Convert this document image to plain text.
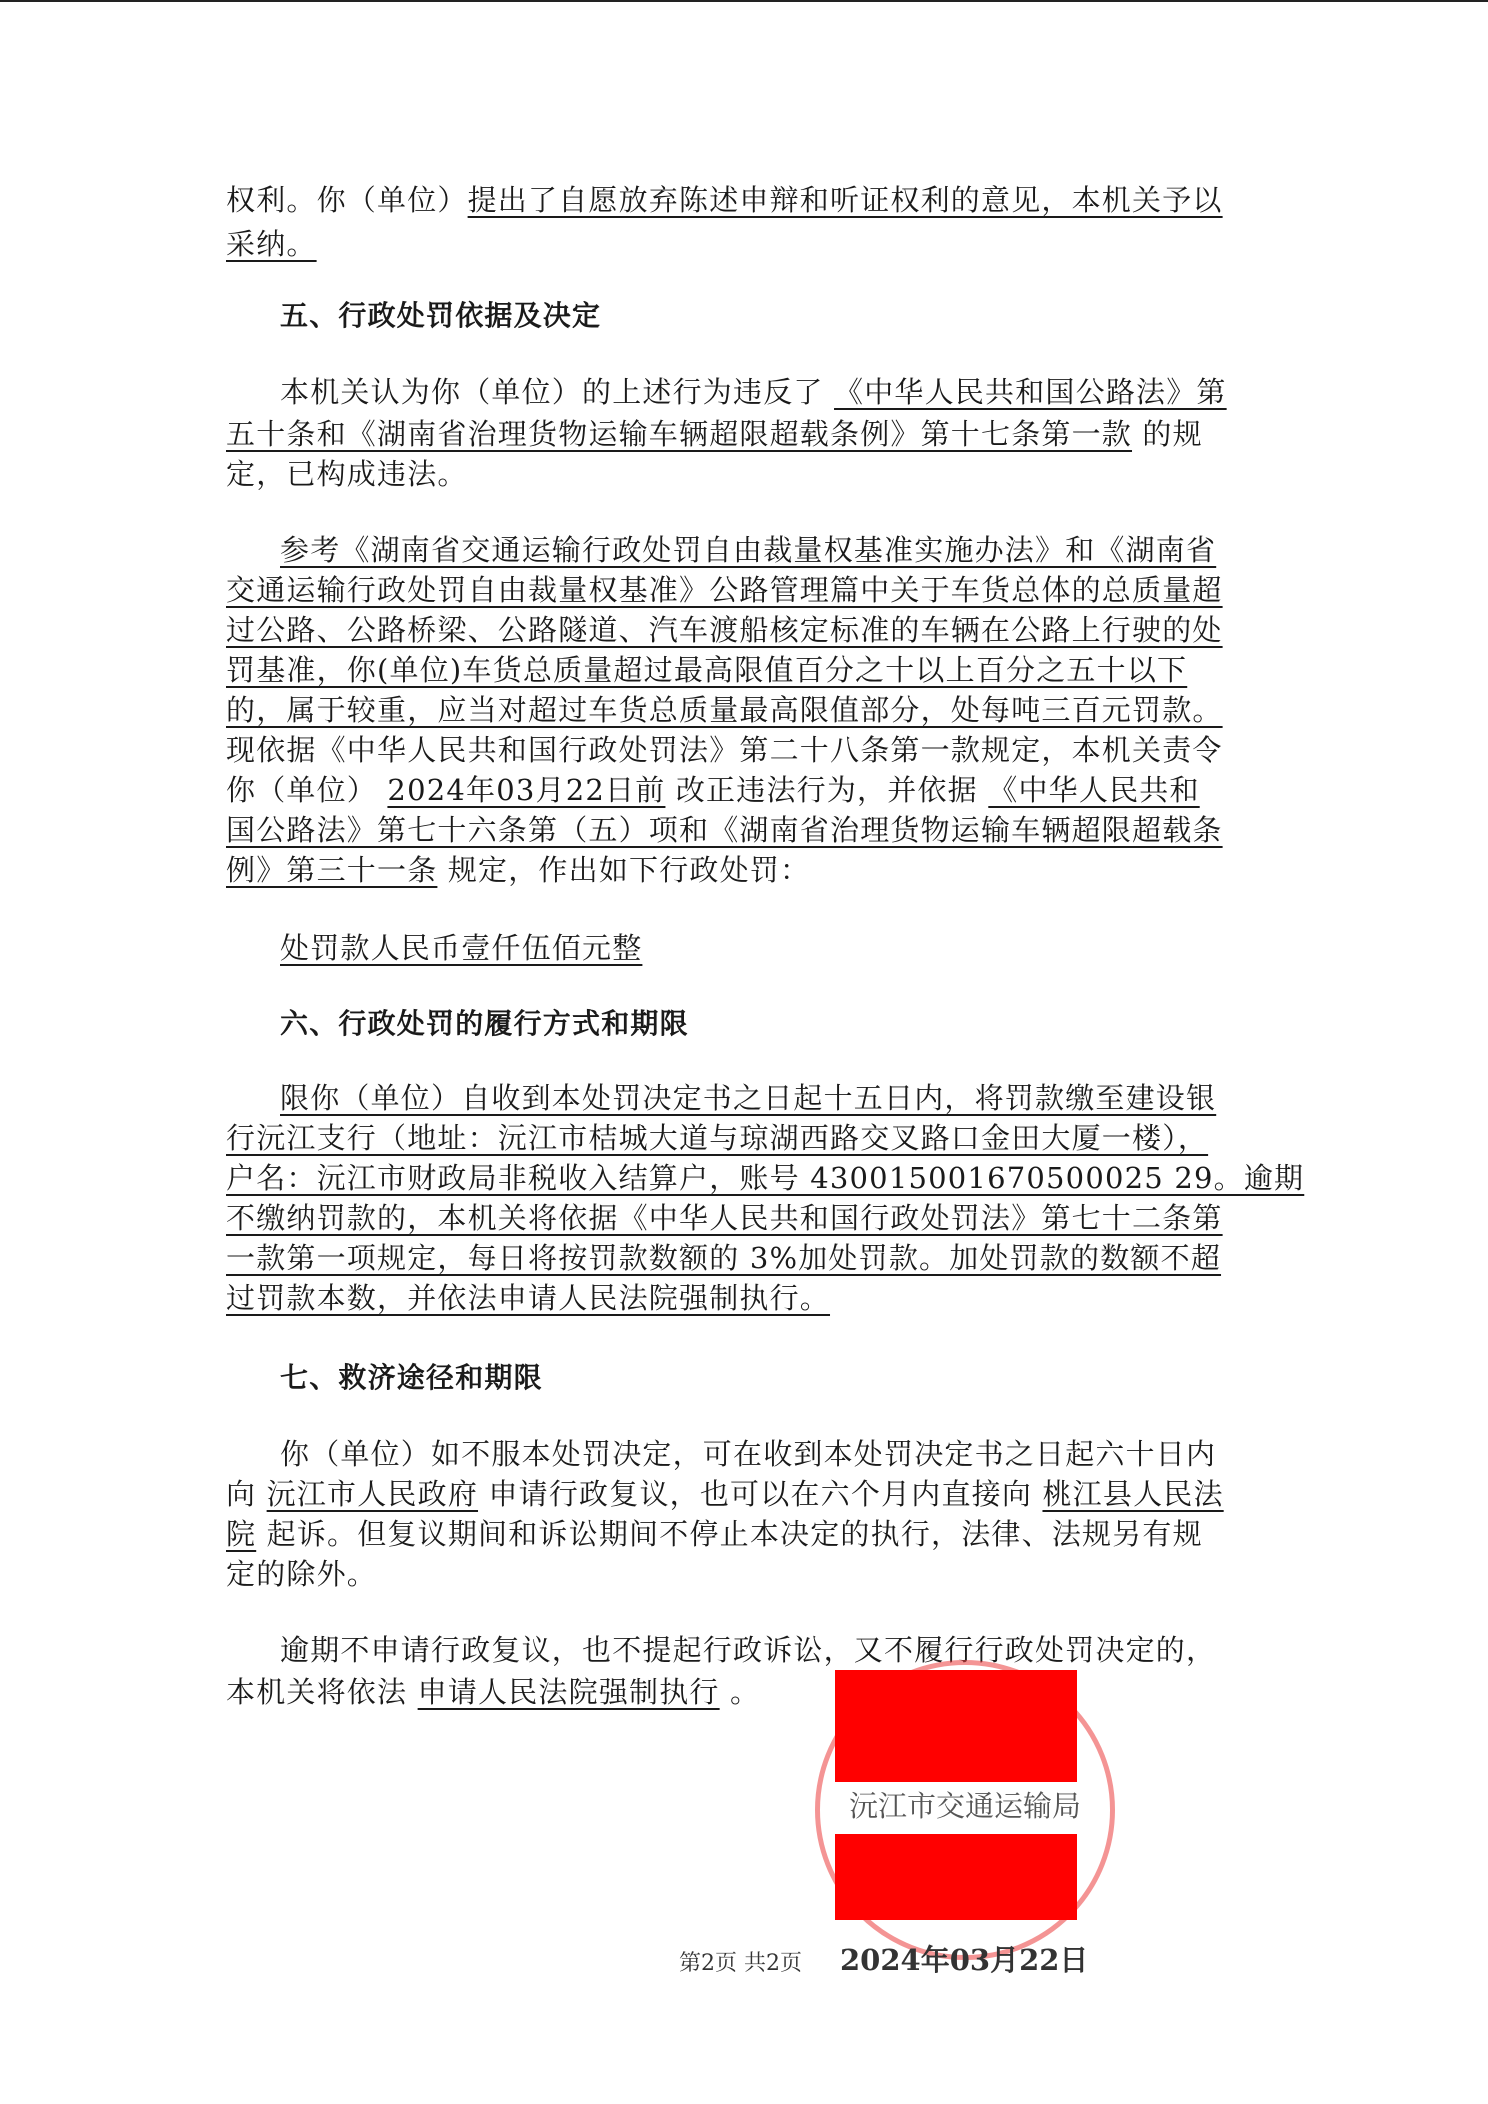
权利。你（单位）提出了自愿放弃陈述申辩和听证权利的意见，本机关予以
采纳。
五、行政处罚依据及决定
本机关认为你（单位）的上述行为违反了 《中华人民共和国公路法》第
五十条和《湖南省治理货物运输车辆超限超载条例》第十七条第一款 的规
定，已构成违法。
参考《湖南省交通运输行政处罚自由裁量权基准实施办法》和《湖南省
交通运输行政处罚自由裁量权基准》公路管理篇中关于车货总体的总质量超
过公路、公路桥梁、公路隧道、汽车渡船核定标准的车辆在公路上行驶的处
罚基准，你(单位)车货总质量超过最高限值百分之十以上百分之五十以下
的，属于较重，应当对超过车货总质量最高限值部分，处每吨三百元罚款。
现依据《中华人民共和国行政处罚法》第二十八条第一款规定，本机关责令
你（单位） 2024年03月22日前 改正违法行为，并依据 《中华人民共和
国公路法》第七十六条第（五）项和《湖南省治理货物运输车辆超限超载条
例》第三十一条 规定，作出如下行政处罚：
处罚款人民币壹仟伍佰元整
六、行政处罚的履行方式和期限
限你（单位）自收到本处罚决定书之日起十五日内，将罚款缴至建设银
行沅江支行（地址：沅江市桔城大道与琼湖西路交叉路口金田大厦一楼），
户名：沅江市财政局非税收入结算户，账号 430015001670500025 29。逾期
不缴纳罚款的，本机关将依据《中华人民共和国行政处罚法》第七十二条第
一款第一项规定，每日将按罚款数额的 3%加处罚款。加处罚款的数额不超
过罚款本数，并依法申请人民法院强制执行。
七、救济途径和期限
你（单位）如不服本处罚决定，可在收到本处罚决定书之日起六十日内
向 沅江市人民政府 申请行政复议，也可以在六个月内直接向 桃江县人民法
院 起诉。但复议期间和诉讼期间不停止本决定的执行，法律、法规另有规
定的除外。
逾期不申请行政复议，也不提起行政诉讼，又不履行行政处罚决定的，
本机关将依法 申请人民法院强制执行 。
沅江市交通运输局
第2页 共2页 2024年03月22日
